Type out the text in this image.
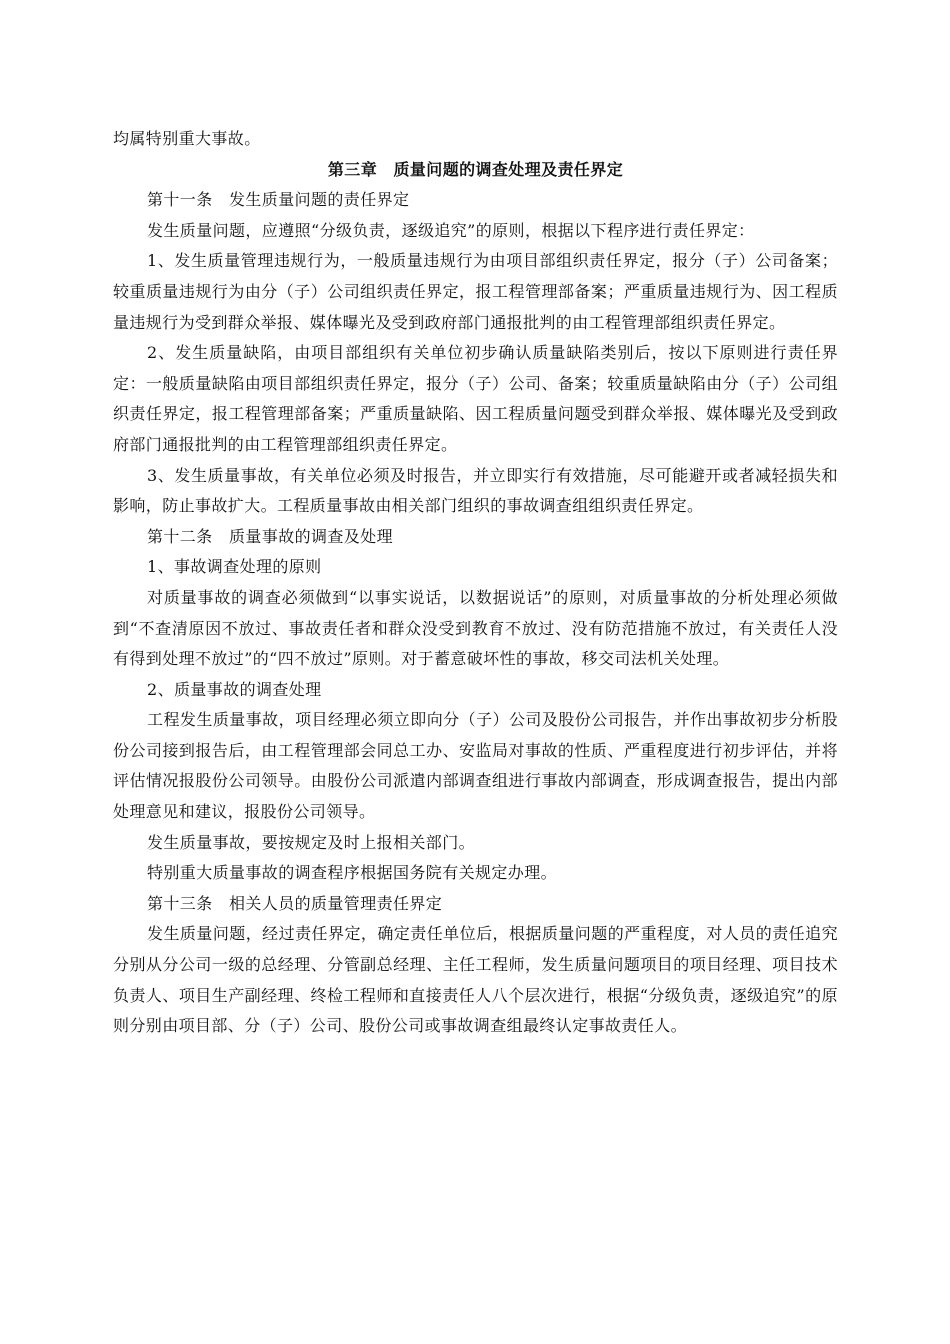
均属特别重大事故。

第三章　质量问题的调查处理及责任界定

第十一条　发生质量问题的责任界定

发生质量问题，应遵照“分级负责，逐级追究”的原则，根据以下程序进行责任界定：

1、发生质量管理违规行为，一般质量违规行为由项目部组织责任界定，报分（子）公司备案；较重质量违规行为由分（子）公司组织责任界定，报工程管理部备案；严重质量违规行为、因工程质量违规行为受到群众举报、媒体曝光及受到政府部门通报批判的由工程管理部组织责任界定。

2、发生质量缺陷，由项目部组织有关单位初步确认质量缺陷类别后，按以下原则进行责任界定：一般质量缺陷由项目部组织责任界定，报分（子）公司、备案；较重质量缺陷由分（子）公司组织责任界定，报工程管理部备案；严重质量缺陷、因工程质量问题受到群众举报、媒体曝光及受到政府部门通报批判的由工程管理部组织责任界定。

3、发生质量事故，有关单位必须及时报告，并立即实行有效措施，尽可能避开或者减轻损失和影响，防止事故扩大。工程质量事故由相关部门组织的事故调查组组织责任界定。

第十二条　质量事故的调查及处理

1、事故调查处理的原则

对质量事故的调查必须做到“以事实说话，以数据说话”的原则，对质量事故的分析处理必须做到“不查清原因不放过、事故责任者和群众没受到教育不放过、没有防范措施不放过，有关责任人没有得到处理不放过”的“四不放过”原则。对于蓄意破坏性的事故，移交司法机关处理。

2、质量事故的调查处理

工程发生质量事故，项目经理必须立即向分（子）公司及股份公司报告，并作出事故初步分析股份公司接到报告后，由工程管理部会同总工办、安监局对事故的性质、严重程度进行初步评估，并将评估情况报股份公司领导。由股份公司派遣内部调查组进行事故内部调查，形成调查报告，提出内部处理意见和建议，报股份公司领导。

发生质量事故，要按规定及时上报相关部门。

特别重大质量事故的调查程序根据国务院有关规定办理。

第十三条　相关人员的质量管理责任界定

发生质量问题，经过责任界定，确定责任单位后，根据质量问题的严重程度，对人员的责任追究分别从分公司一级的总经理、分管副总经理、主任工程师，发生质量问题项目的项目经理、项目技术负责人、项目生产副经理、终检工程师和直接责任人八个层次进行，根据“分级负责，逐级追究”的原则分别由项目部、分（子）公司、股份公司或事故调查组最终认定事故责任人。
